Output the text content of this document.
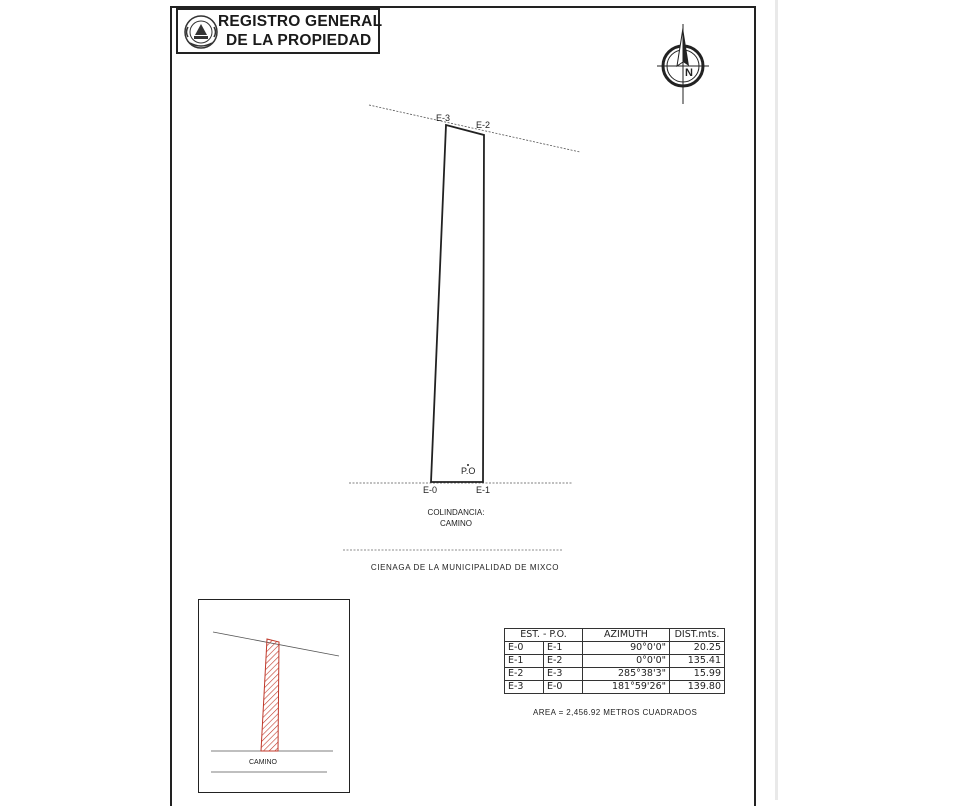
REGISTRO GENERAL
DE LA PROPIEDAD
N
E-3
E-2
P.O
E-0	E-1
COLINDANCIA:
CAMINO
CIENAGA DE LA MUNICIPALIDAD DE MIXCO
CAMINO
EST. - P.O.		AZIMUTH	DIST.mts.
E-0	E-1	90°0'0"	20.25
E-1	E-2	0°0'0"	135.41
E-2	E-3	285°38'3"	15.99
E-3	E-0	181°59'26"	139.80
AREA = 2,456.92 METROS CUADRADOS
